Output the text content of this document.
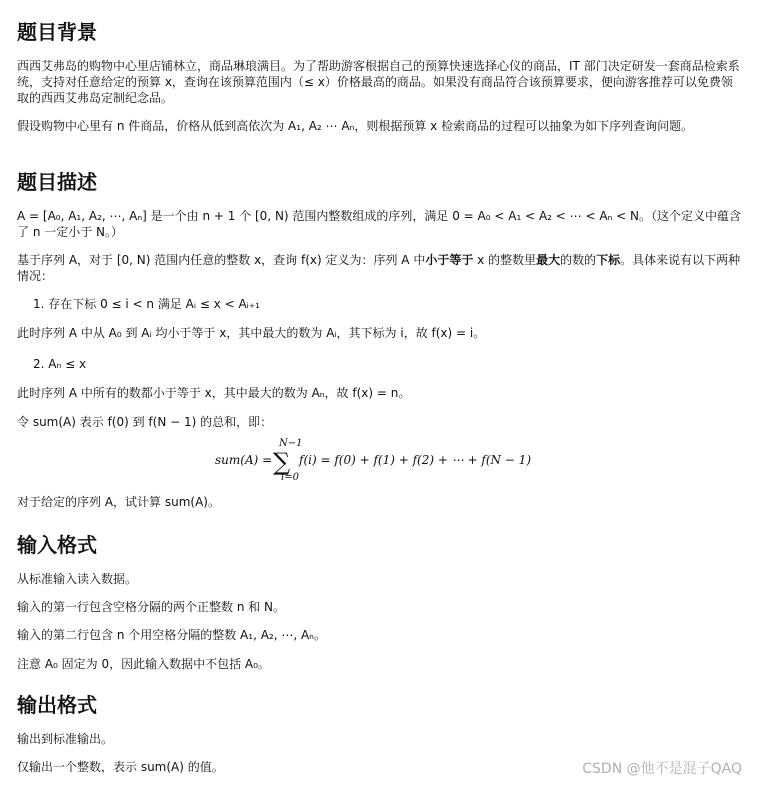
题目背景

西西艾弗岛的购物中心里店铺林立，商品琳琅满目。为了帮助游客根据自己的预算快速选择心仪的商品，IT 部门决定研发一套商品检索系统，支持对任意给定的预算 x，查询在该预算范围内（≤ x）价格最高的商品。如果没有商品符合该预算要求，便向游客推荐可以免费领取的西西艾弗岛定制纪念品。

假设购物中心里有 n 件商品，价格从低到高依次为 A₁, A₂ ⋯ Aₙ，则根据预算 x 检索商品的过程可以抽象为如下序列查询问题。

题目描述

A = [A₀, A₁, A₂, ⋯, Aₙ] 是一个由 n + 1 个 [0, N) 范围内整数组成的序列，满足 0 = A₀ < A₁ < A₂ < ⋯ < Aₙ < N。（这个定义中蕴含了 n 一定小于 N。）

基于序列 A，对于 [0, N) 范围内任意的整数 x，查询 f(x) 定义为：序列 A 中小于等于 x 的整数里最大的数的下标。具体来说有以下两种情况：

1. 存在下标 0 ≤ i < n 满足 Aᵢ ≤ x < Aᵢ₊₁

此时序列 A 中从 A₀ 到 Aᵢ 均小于等于 x，其中最大的数为 Aᵢ，其下标为 i，故 f(x) = i。

2. Aₙ ≤ x

此时序列 A 中所有的数都小于等于 x，其中最大的数为 Aₙ，故 f(x) = n。

令 sum(A) 表示 f(0) 到 f(N − 1) 的总和，即：

sum(A) =
N−1
∑
i=0
f(i) = f(0) + f(1) + f(2) + ⋯ + f(N − 1)

对于给定的序列 A，试计算 sum(A)。

输入格式

从标准输入读入数据。

输入的第一行包含空格分隔的两个正整数 n 和 N。

输入的第二行包含 n 个用空格分隔的整数 A₁, A₂, ⋯, Aₙ。

注意 A₀ 固定为 0，因此输入数据中不包括 A₀。

输出格式

输出到标准输出。

仅输出一个整数，表示 sum(A) 的值。	CSDN @他不是混子QAQ
